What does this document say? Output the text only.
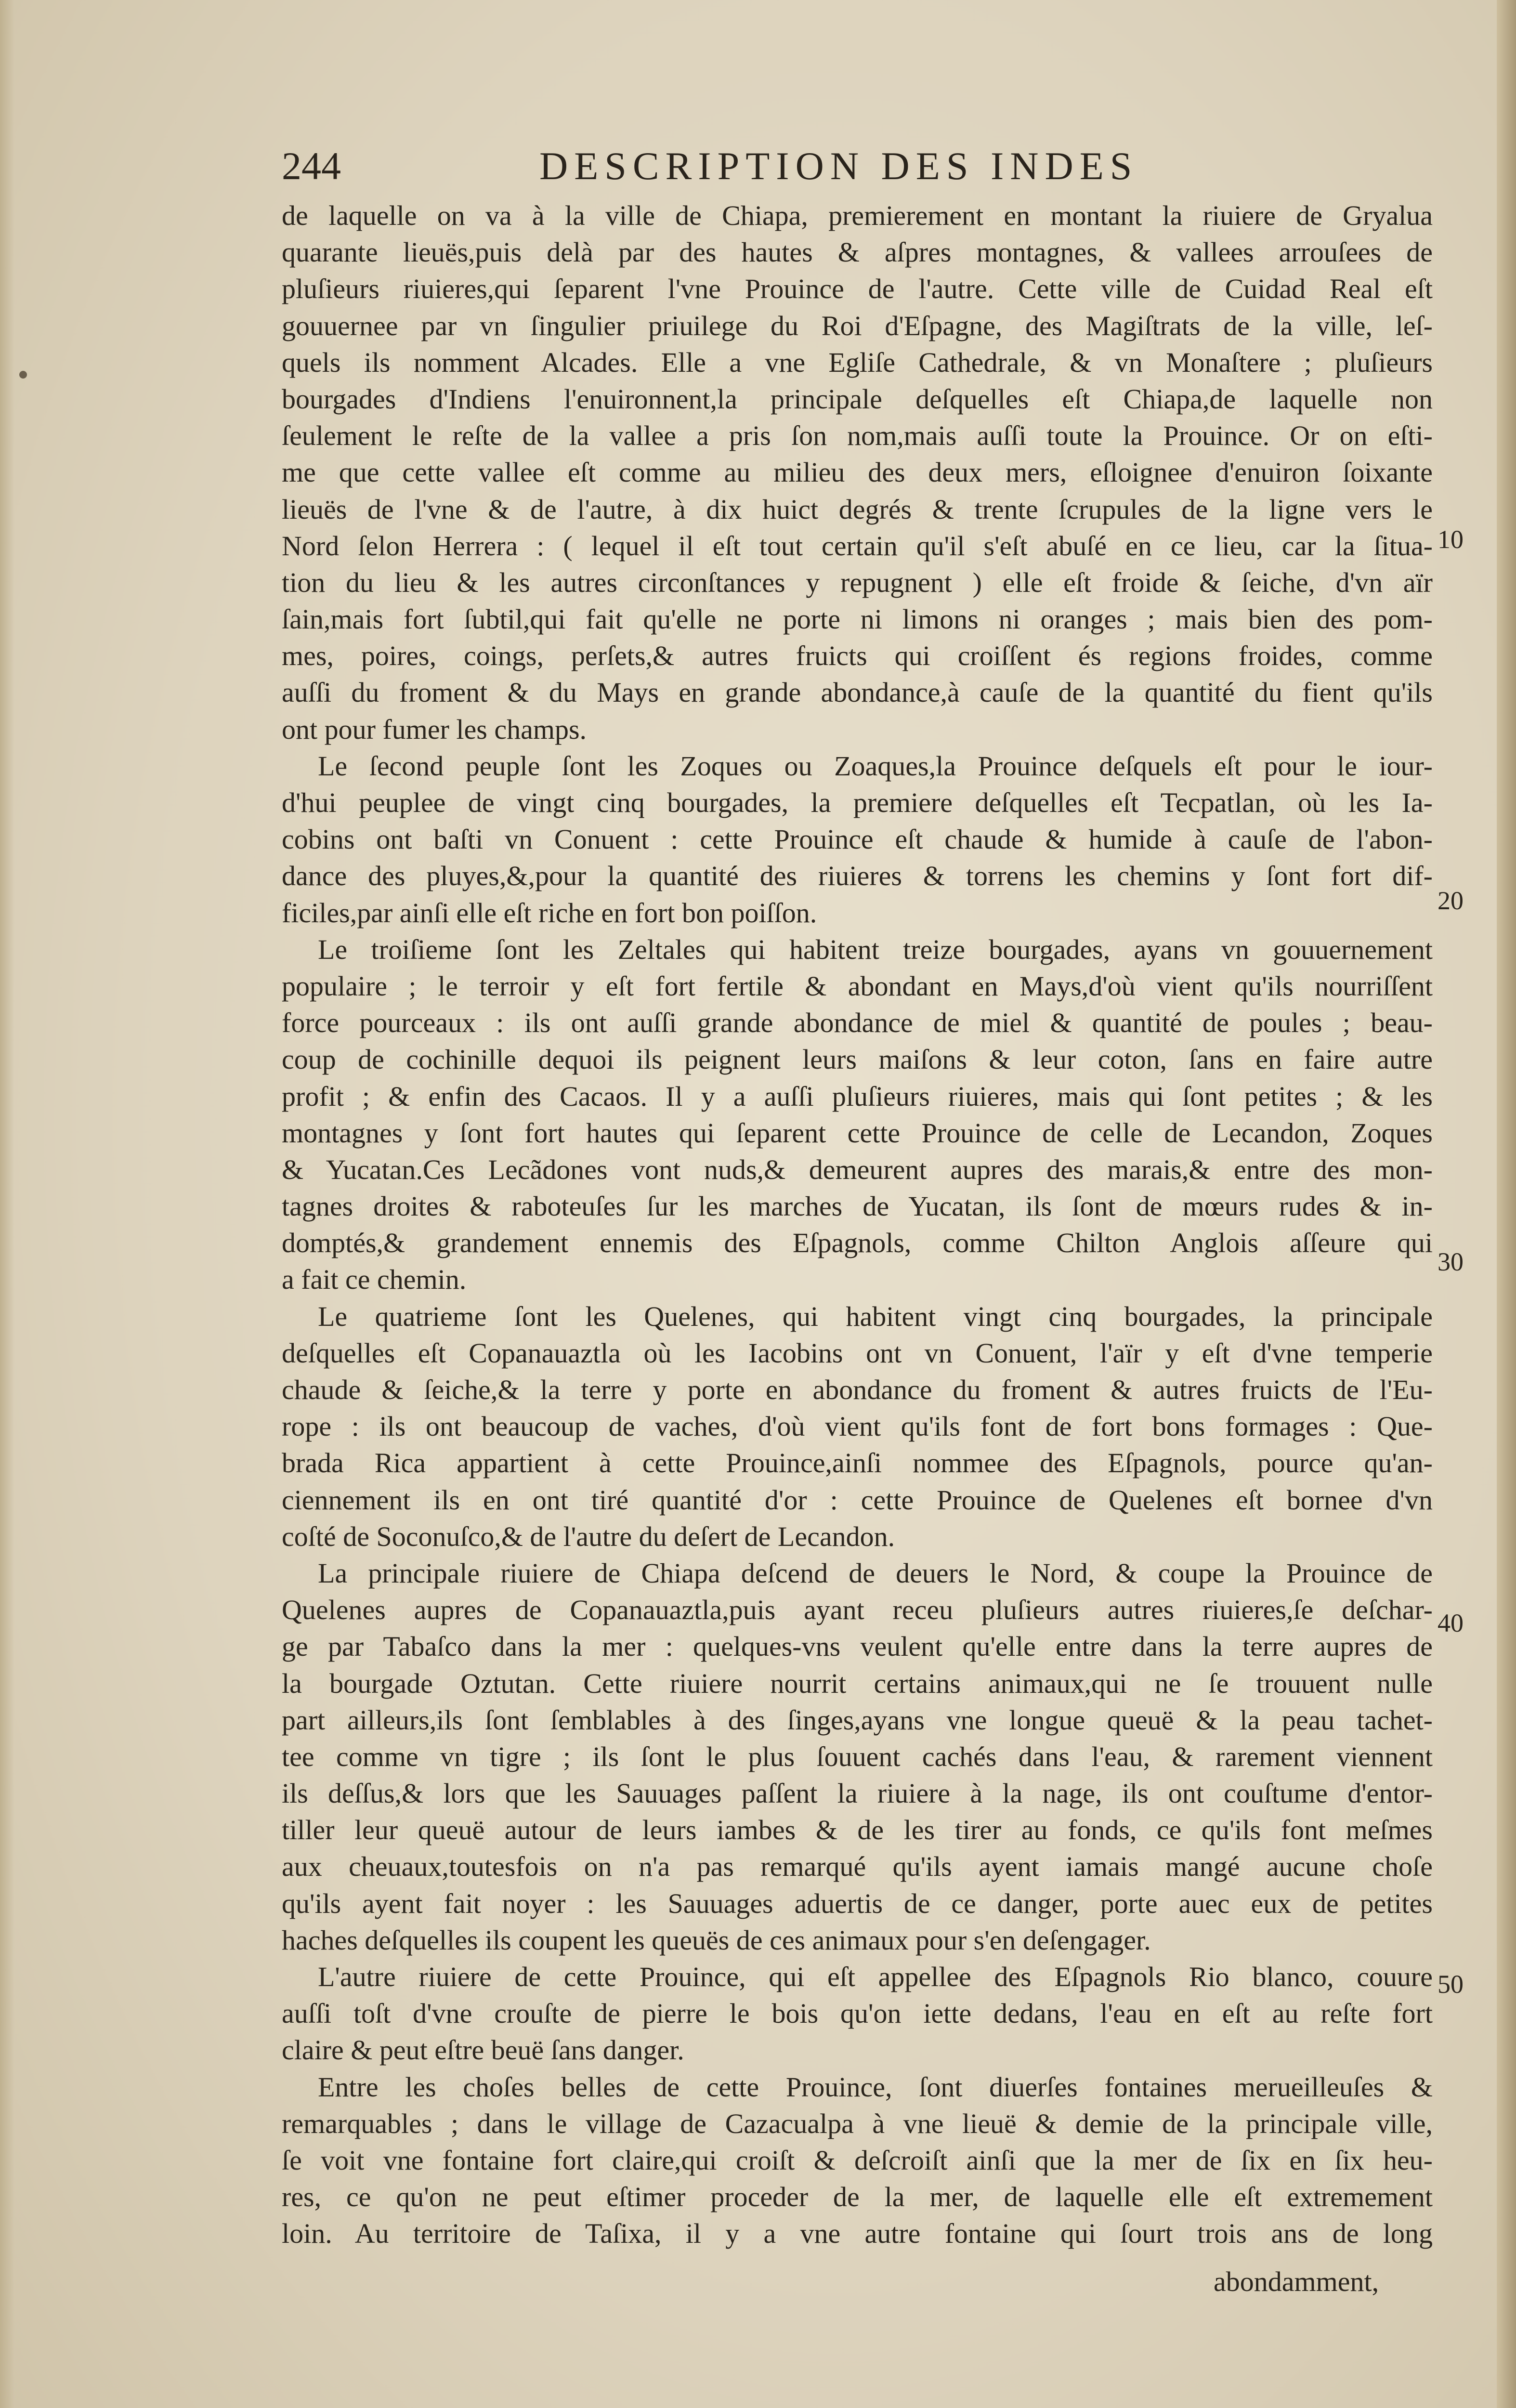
244	DESCRIPTION DES INDES
de laquelle on va à la ville de Chiapa, premierement en montant la riuiere de Gryalua
quarante lieuës,puis delà par des hautes & aſpres montagnes, & vallees arrouſees de
pluſieurs riuieres,qui ſeparent l'vne Prouince de l'autre. Cette ville de Cuidad Real eſt
gouuernee par vn ſingulier priuilege du Roi d'Eſpagne, des Magiſtrats de la ville, leſ-
quels ils nomment Alcades. Elle a vne Egliſe Cathedrale, & vn Monaſtere ; pluſieurs
bourgades d'Indiens l'enuironnent,la principale deſquelles eſt Chiapa,de laquelle non
ſeulement le reſte de la vallee a pris ſon nom,mais auſſi toute la Prouince. Or on eſti-
me que cette vallee eſt comme au milieu des deux mers, eſloignee d'enuiron ſoixante
lieuës de l'vne & de l'autre, à dix huict degrés & trente ſcrupules de la ligne vers le
Nord ſelon Herrera : ( lequel il eſt tout certain qu'il s'eſt abuſé en ce lieu, car la ſitua-
tion du lieu & les autres circonſtances y repugnent ) elle eſt froide & ſeiche, d'vn aïr
ſain,mais fort ſubtil,qui fait qu'elle ne porte ni limons ni oranges ; mais bien des pom-
mes, poires, coings, perſets,& autres fruicts qui croiſſent és regions froides, comme
auſſi du froment & du Mays en grande abondance,à cauſe de la quantité du fient qu'ils
ont pour fumer les champs.
Le ſecond peuple ſont les Zoques ou Zoaques,la Prouince deſquels eſt pour le iour-
d'hui peuplee de vingt cinq bourgades, la premiere deſquelles eſt Tecpatlan, où les Ia-
cobins ont baſti vn Conuent : cette Prouince eſt chaude & humide à cauſe de l'abon-
dance des pluyes,&,pour la quantité des riuieres & torrens les chemins y ſont fort dif-
ficiles,par ainſi elle eſt riche en fort bon poiſſon.
Le troiſieme ſont les Zeltales qui habitent treize bourgades, ayans vn gouuernement
populaire ; le terroir y eſt fort fertile & abondant en Mays,d'où vient qu'ils nourriſſent
force pourceaux : ils ont auſſi grande abondance de miel & quantité de poules ; beau-
coup de cochinille dequoi ils peignent leurs maiſons & leur coton, ſans en faire autre
profit ; & enfin des Cacaos. Il y a auſſi pluſieurs riuieres, mais qui ſont petites ; & les
montagnes y ſont fort hautes qui ſeparent cette Prouince de celle de Lecandon, Zoques
& Yucatan.Ces Lecãdones vont nuds,& demeurent aupres des marais,& entre des mon-
tagnes droites & raboteuſes ſur les marches de Yucatan, ils ſont de mœurs rudes & in-
domptés,& grandement ennemis des Eſpagnols, comme Chilton Anglois aſſeure qui
a fait ce chemin.
Le quatrieme ſont les Quelenes, qui habitent vingt cinq bourgades, la principale
deſquelles eſt Copanauaztla où les Iacobins ont vn Conuent, l'aïr y eſt d'vne temperie
chaude & ſeiche,& la terre y porte en abondance du froment & autres fruicts de l'Eu-
rope : ils ont beaucoup de vaches, d'où vient qu'ils font de fort bons formages : Que-
brada Rica appartient à cette Prouince,ainſi nommee des Eſpagnols, pource qu'an-
ciennement ils en ont tiré quantité d'or : cette Prouince de Quelenes eſt bornee d'vn
coſté de Soconuſco,& de l'autre du deſert de Lecandon.
La principale riuiere de Chiapa deſcend de deuers le Nord, & coupe la Prouince de
Quelenes aupres de Copanauaztla,puis ayant receu pluſieurs autres riuieres,ſe deſchar-
ge par Tabaſco dans la mer : quelques-vns veulent qu'elle entre dans la terre aupres de
la bourgade Oztutan. Cette riuiere nourrit certains animaux,qui ne ſe trouuent nulle
part ailleurs,ils ſont ſemblables à des ſinges,ayans vne longue queuë & la peau tachet-
tee comme vn tigre ; ils ſont le plus ſouuent cachés dans l'eau, & rarement viennent
ils deſſus,& lors que les Sauuages paſſent la riuiere à la nage, ils ont couſtume d'entor-
tiller leur queuë autour de leurs iambes & de les tirer au fonds, ce qu'ils font meſmes
aux cheuaux,toutesfois on n'a pas remarqué qu'ils ayent iamais mangé aucune choſe
qu'ils ayent fait noyer : les Sauuages aduertis de ce danger, porte auec eux de petites
haches deſquelles ils coupent les queuës de ces animaux pour s'en deſengager.
L'autre riuiere de cette Prouince, qui eſt appellee des Eſpagnols Rio blanco, couure
auſſi toſt d'vne crouſte de pierre le bois qu'on iette dedans, l'eau en eſt au reſte fort
claire & peut eſtre beuë ſans danger.
Entre les choſes belles de cette Prouince, ſont diuerſes fontaines merueilleuſes &
remarquables ; dans le village de Cazacualpa à vne lieuë & demie de la principale ville,
ſe voit vne fontaine fort claire,qui croiſt & deſcroiſt ainſi que la mer de ſix en ſix heu-
res, ce qu'on ne peut eſtimer proceder de la mer, de laquelle elle eſt extremement
loin. Au territoire de Taſixa, il y a vne autre fontaine qui ſourt trois ans de long
10
20
30
40
50
abondamment,
